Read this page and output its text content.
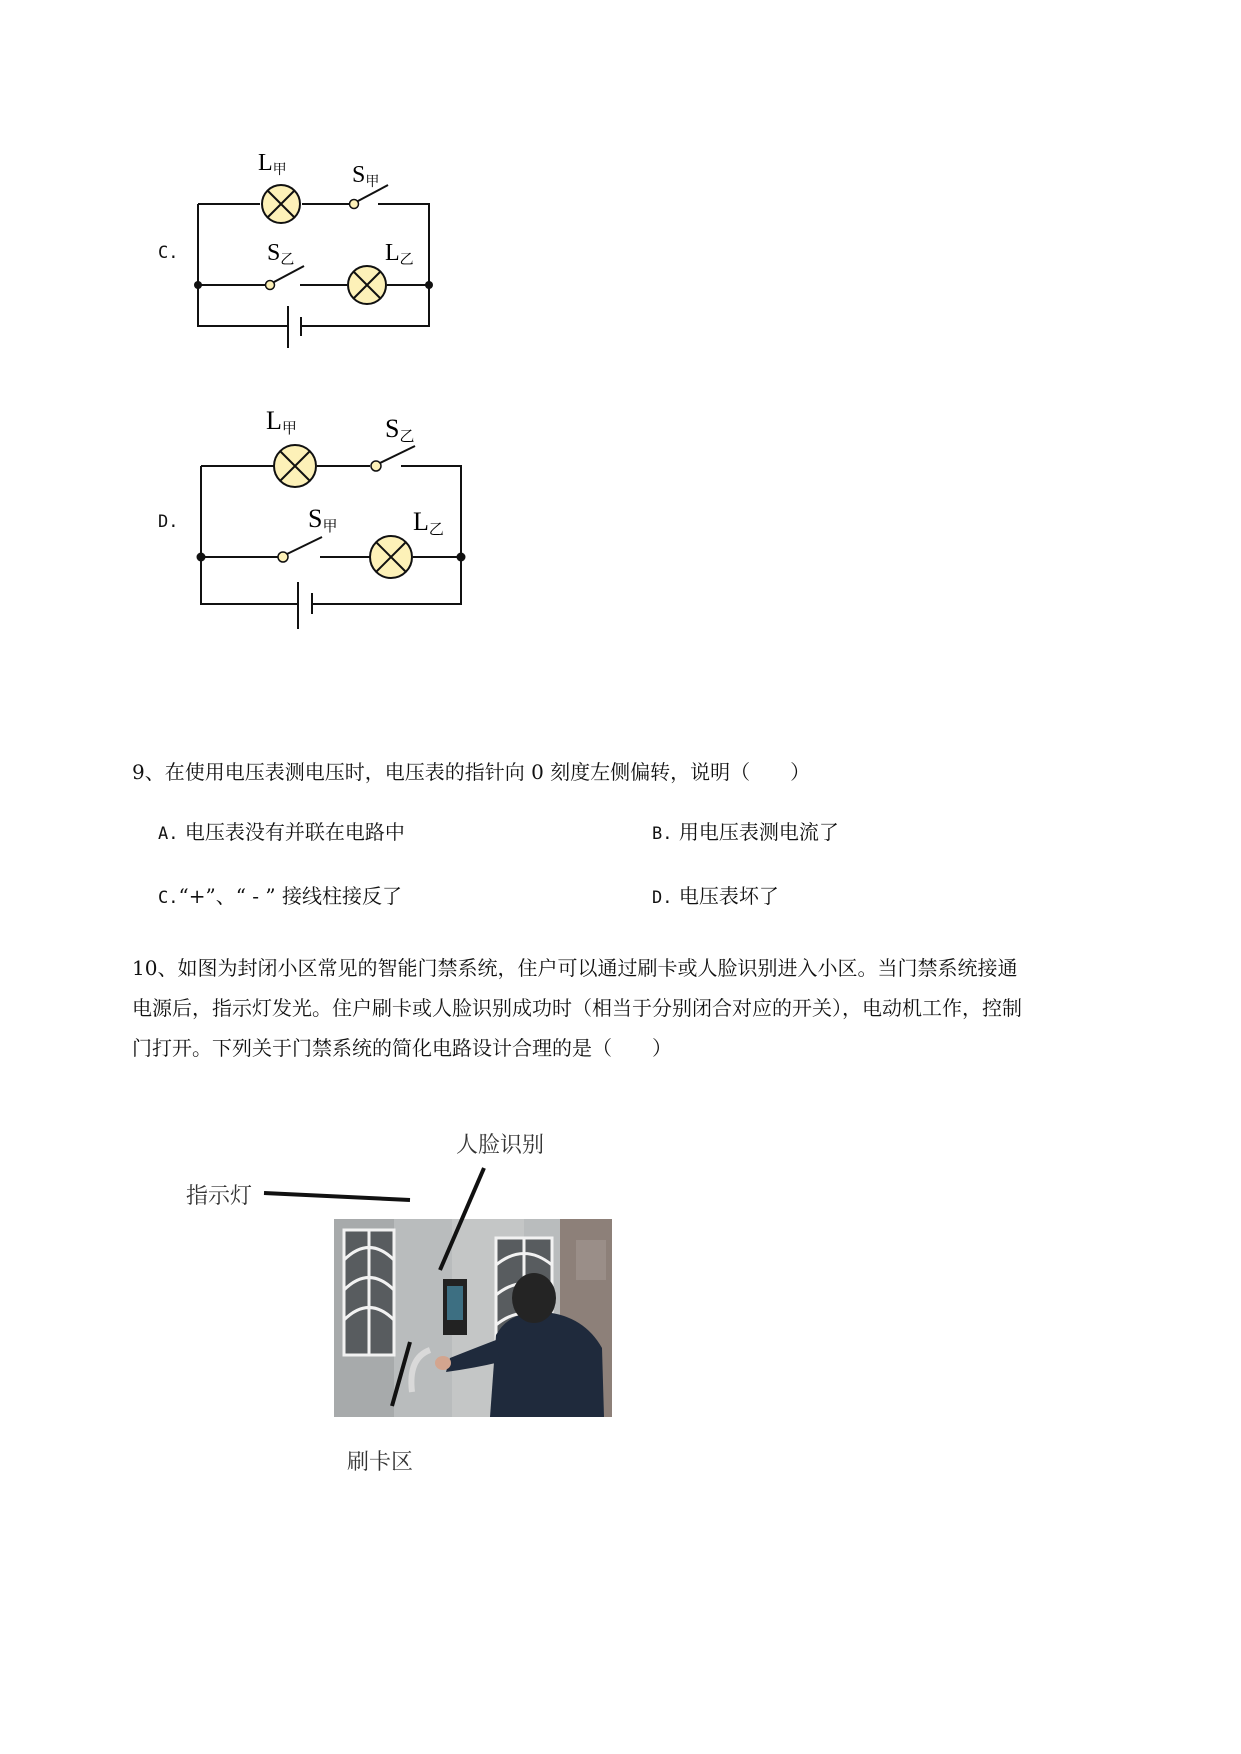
C.
L甲	S甲
S乙	L乙
D.
L甲	S乙
S甲	L乙
9、在使用电压表测电压时，电压表的指针向 0 刻度左侧偏转，说明（　　）
A. 电压表没有并联在电路中	B. 用电压表测电流了
C.“+”、“ - ” 接线柱接反了	D. 电压表坏了
10、如图为封闭小区常见的智能门禁系统，住户可以通过刷卡或人脸识别进入小区。当门禁系统接通
电源后，指示灯发光。住户刷卡或人脸识别成功时（相当于分别闭合对应的开关），电动机工作，控制
门打开。下列关于门禁系统的简化电路设计合理的是（　　）
人脸识别
指示灯
刷卡区
